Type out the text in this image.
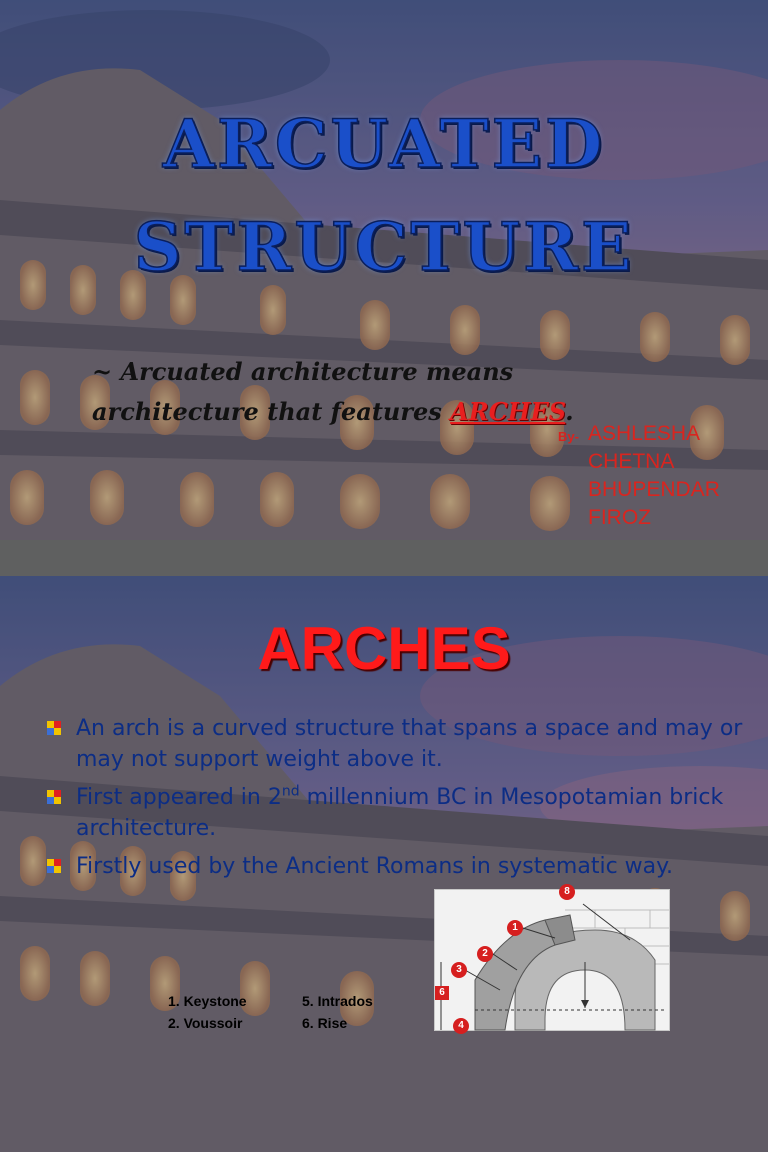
ARCUATED
STRUCTURE
~ Arcuated architecture means architecture that features ARCHES.
By- ASHLESHA
CHETNA
BHUPENDAR
FIROZ
ARCHES
An arch is a curved structure that spans a space and may or may not support weight above it.
First appeared in 2nd millennium BC in Mesopotamian brick architecture.
Firstly used by the Ancient Romans in systematic way.
8
1
2
3
6
4
1. Keystone
2. Voussoir
5. Intrados
6. Rise
